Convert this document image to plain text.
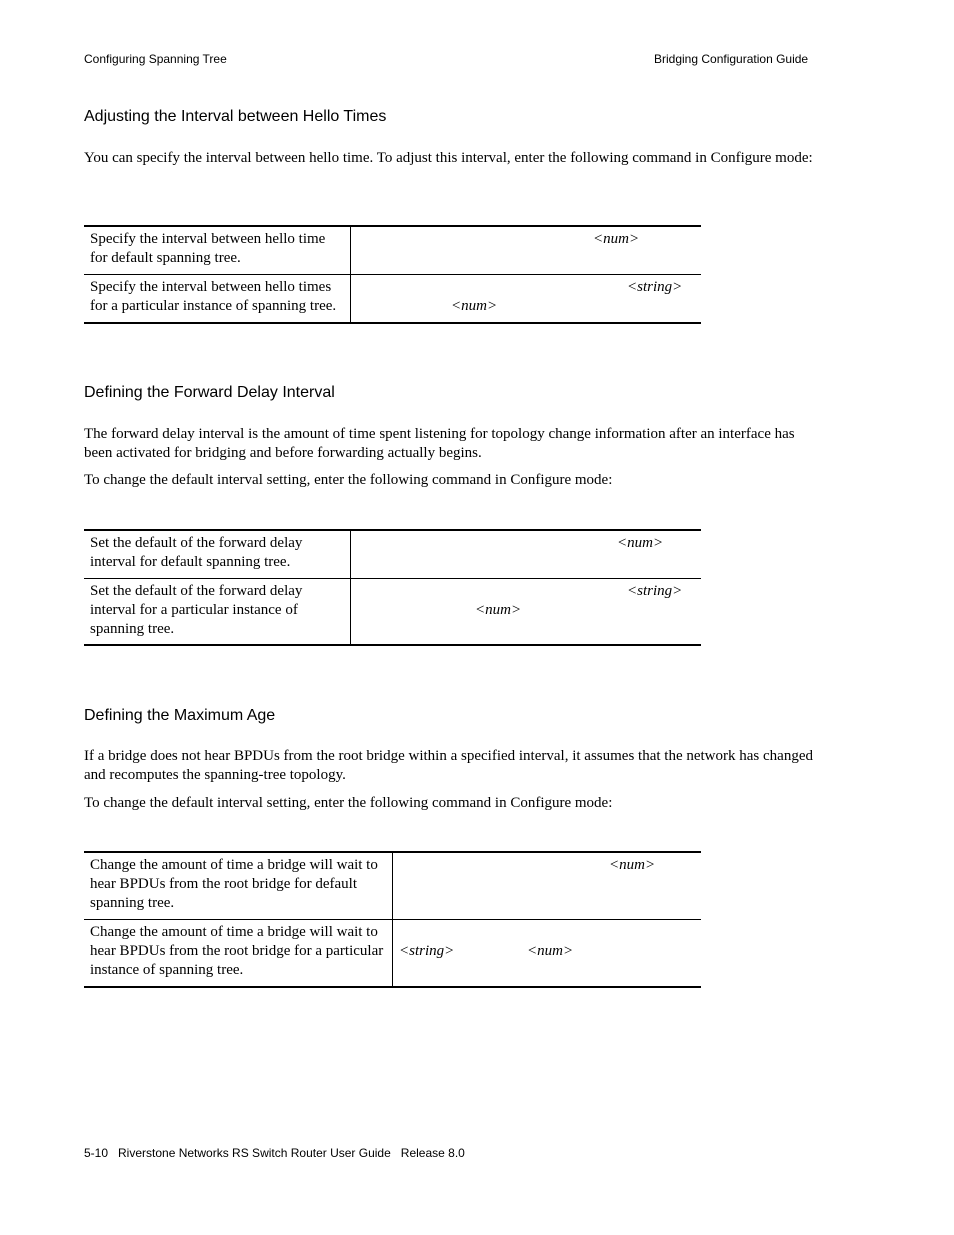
Configuring Spanning Tree	Bridging Configuration Guide
Adjusting the Interval between Hello Times
You can specify the interval between hello time. To adjust this interval, enter the following command in Configure mode:
Specify the interval between hello time for default spanning tree.	<num>

Specify the interval between hello times for a particular instance of spanning tree.	<string>
<num>
Defining the Forward Delay Interval
The forward delay interval is the amount of time spent listening for topology change information after an interface has been activated for bridging and before forwarding actually begins.
To change the default interval setting, enter the following command in Configure mode:
Set the default of the forward delay interval for default spanning tree.	<num>

Set the default of the forward delay interval for a particular instance of spanning tree.	<string>
<num>
Defining the Maximum Age
If a bridge does not hear BPDUs from the root bridge within a specified interval, it assumes that the network has changed and recomputes the spanning-tree topology.
To change the default interval setting, enter the following command in Configure mode:
Change the amount of time a bridge will wait to hear BPDUs from the root bridge for default spanning tree.	<num>

Change the amount of time a bridge will wait to hear BPDUs from the root bridge for a particular instance of spanning tree.	<string> <num>
5-10   Riverstone Networks RS Switch Router User Guide   Release 8.0
